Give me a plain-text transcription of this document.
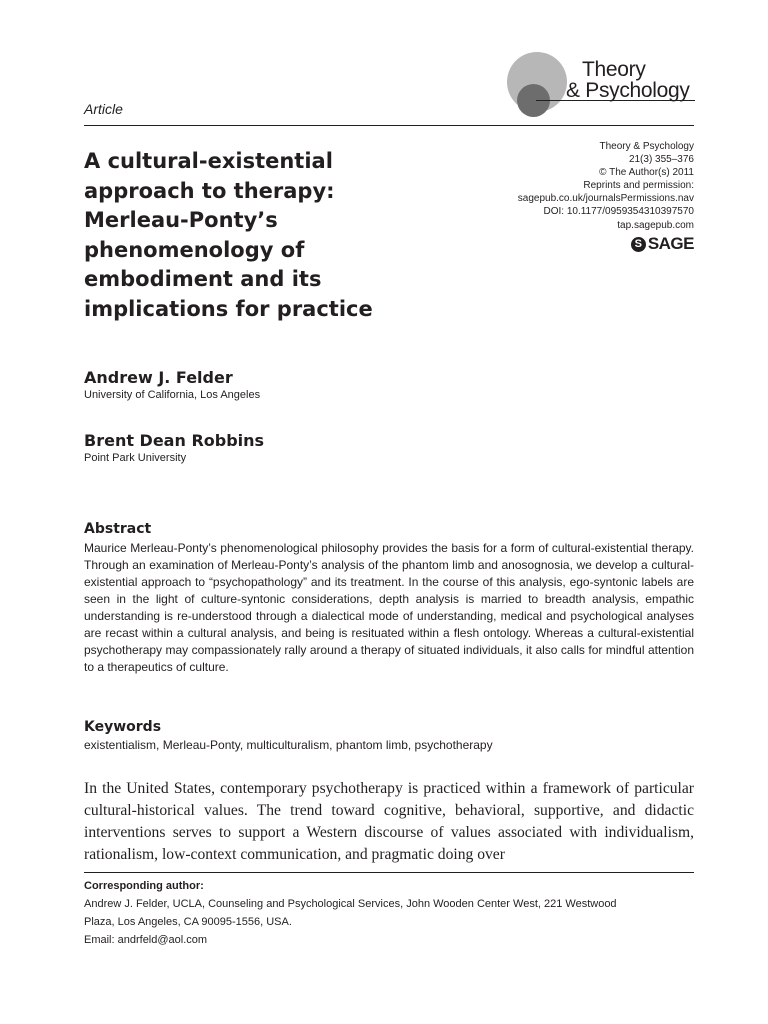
Theory
& Psychology
Article
A cultural-existential approach to therapy: Merleau-Ponty’s phenomenology of embodiment and its implications for practice
Theory & Psychology
21(3) 355–376
© The Author(s) 2011
Reprints and permission:
sagepub.co.uk/journalsPermissions.nav
DOI: 10.1177/0959354310397570
tap.sagepub.com
S SAGE
Andrew J. Felder
University of California, Los Angeles
Brent Dean Robbins
Point Park University
Abstract
Maurice Merleau-Ponty’s phenomenological philosophy provides the basis for a form of cultural-existential therapy. Through an examination of Merleau-Ponty’s analysis of the phantom limb and anosognosia, we develop a cultural-existential approach to “psychopathology” and its treatment. In the course of this analysis, ego-syntonic labels are seen in the light of culture-syntonic considerations, depth analysis is married to breadth analysis, empathic understanding is re-understood through a dialectical mode of understanding, medical and psychological analyses are recast within a cultural analysis, and being is resituated within a flesh ontology. Whereas a cultural-existential psychotherapy may compassionately rally around a therapy of situated individuals, it also calls for mindful attention to a therapeutics of culture.
Keywords
existentialism, Merleau-Ponty, multiculturalism, phantom limb, psychotherapy
In the United States, contemporary psychotherapy is practiced within a framework of particular cultural-historical values. The trend toward cognitive, behavioral, supportive, and didactic interventions serves to support a Western discourse of values associated with individualism, rationalism, low-context communication, and pragmatic doing over
Corresponding author:
Andrew J. Felder, UCLA, Counseling and Psychological Services, John Wooden Center West, 221 Westwood
Plaza, Los Angeles, CA 90095-1556, USA.
Email: andrfeld@aol.com
